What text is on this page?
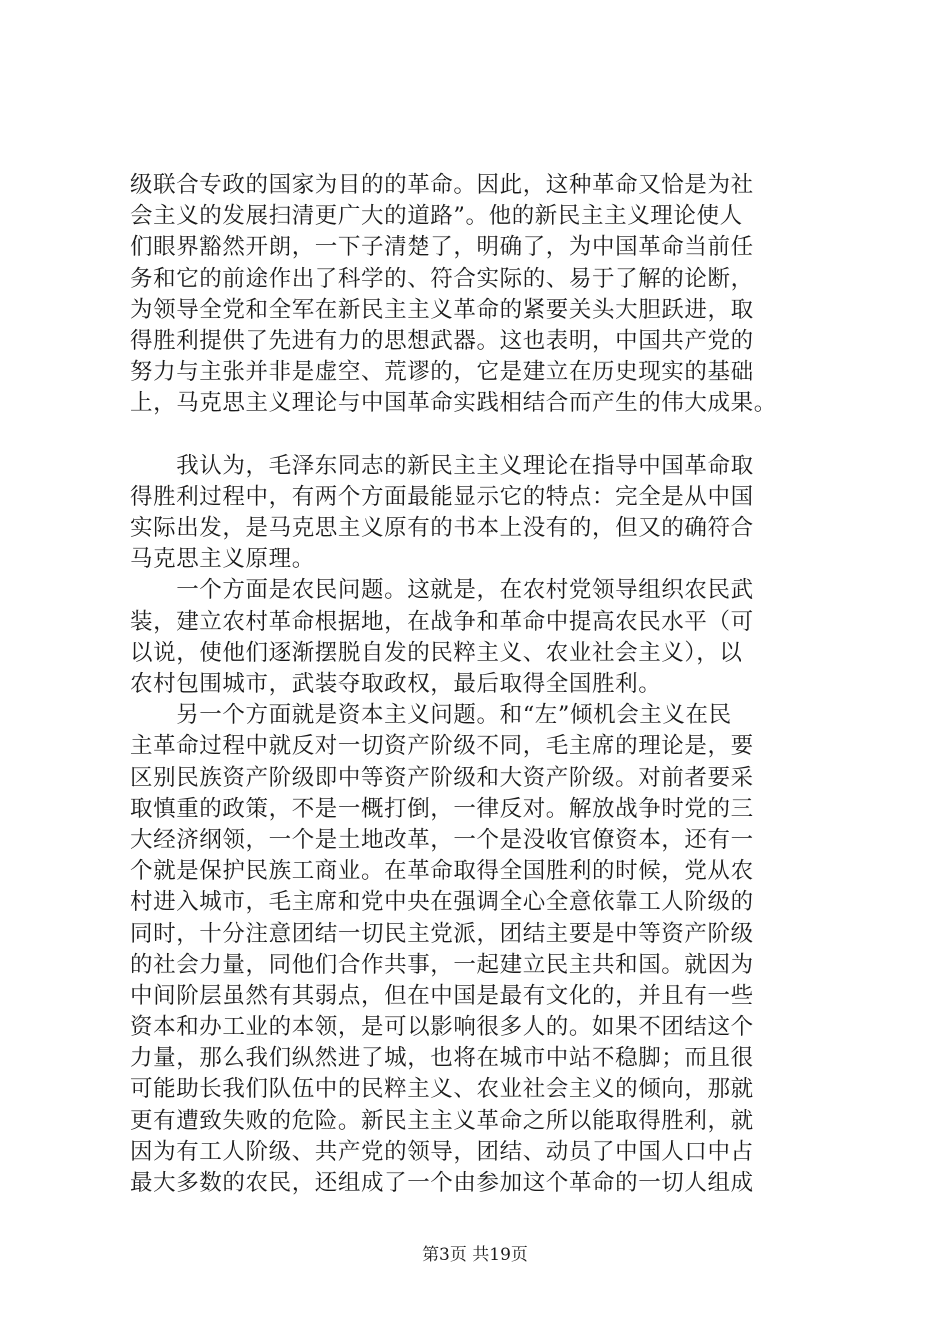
级联合专政的国家为目的的革命。因此，这种革命又恰是为社
会主义的发展扫清更广大的道路”。他的新民主主义理论使人
们眼界豁然开朗，一下子清楚了，明确了，为中国革命当前任
务和它的前途作出了科学的、符合实际的、易于了解的论断，
为领导全党和全军在新民主主义革命的紧要关头大胆跃进，取
得胜利提供了先进有力的思想武器。这也表明，中国共产党的
努力与主张并非是虚空、荒谬的，它是建立在历史现实的基础
上，马克思主义理论与中国革命实践相结合而产生的伟大成果。
　　我认为，毛泽东同志的新民主主义理论在指导中国革命取
得胜利过程中，有两个方面最能显示它的特点：完全是从中国
实际出发，是马克思主义原有的书本上没有的，但又的确符合
马克思主义原理。
　　一个方面是农民问题。这就是，在农村党领导组织农民武
装，建立农村革命根据地，在战争和革命中提高农民水平（可
以说，使他们逐渐摆脱自发的民粹主义、农业社会主义），以
农村包围城市，武装夺取政权，最后取得全国胜利。
　　另一个方面就是资本主义问题。和“左”倾机会主义在民
主革命过程中就反对一切资产阶级不同，毛主席的理论是，要
区别民族资产阶级即中等资产阶级和大资产阶级。对前者要采
取慎重的政策，不是一概打倒，一律反对。解放战争时党的三
大经济纲领，一个是土地改革，一个是没收官僚资本，还有一
个就是保护民族工商业。在革命取得全国胜利的时候，党从农
村进入城市，毛主席和党中央在强调全心全意依靠工人阶级的
同时，十分注意团结一切民主党派，团结主要是中等资产阶级
的社会力量，同他们合作共事，一起建立民主共和国。就因为
中间阶层虽然有其弱点，但在中国是最有文化的，并且有一些
资本和办工业的本领，是可以影响很多人的。如果不团结这个
力量，那么我们纵然进了城，也将在城市中站不稳脚；而且很
可能助长我们队伍中的民粹主义、农业社会主义的倾向，那就
更有遭致失败的危险。新民主主义革命之所以能取得胜利，就
因为有工人阶级、共产党的领导，团结、动员了中国人口中占
最大多数的农民，还组成了一个由参加这个革命的一切人组成
第3页 共19页
